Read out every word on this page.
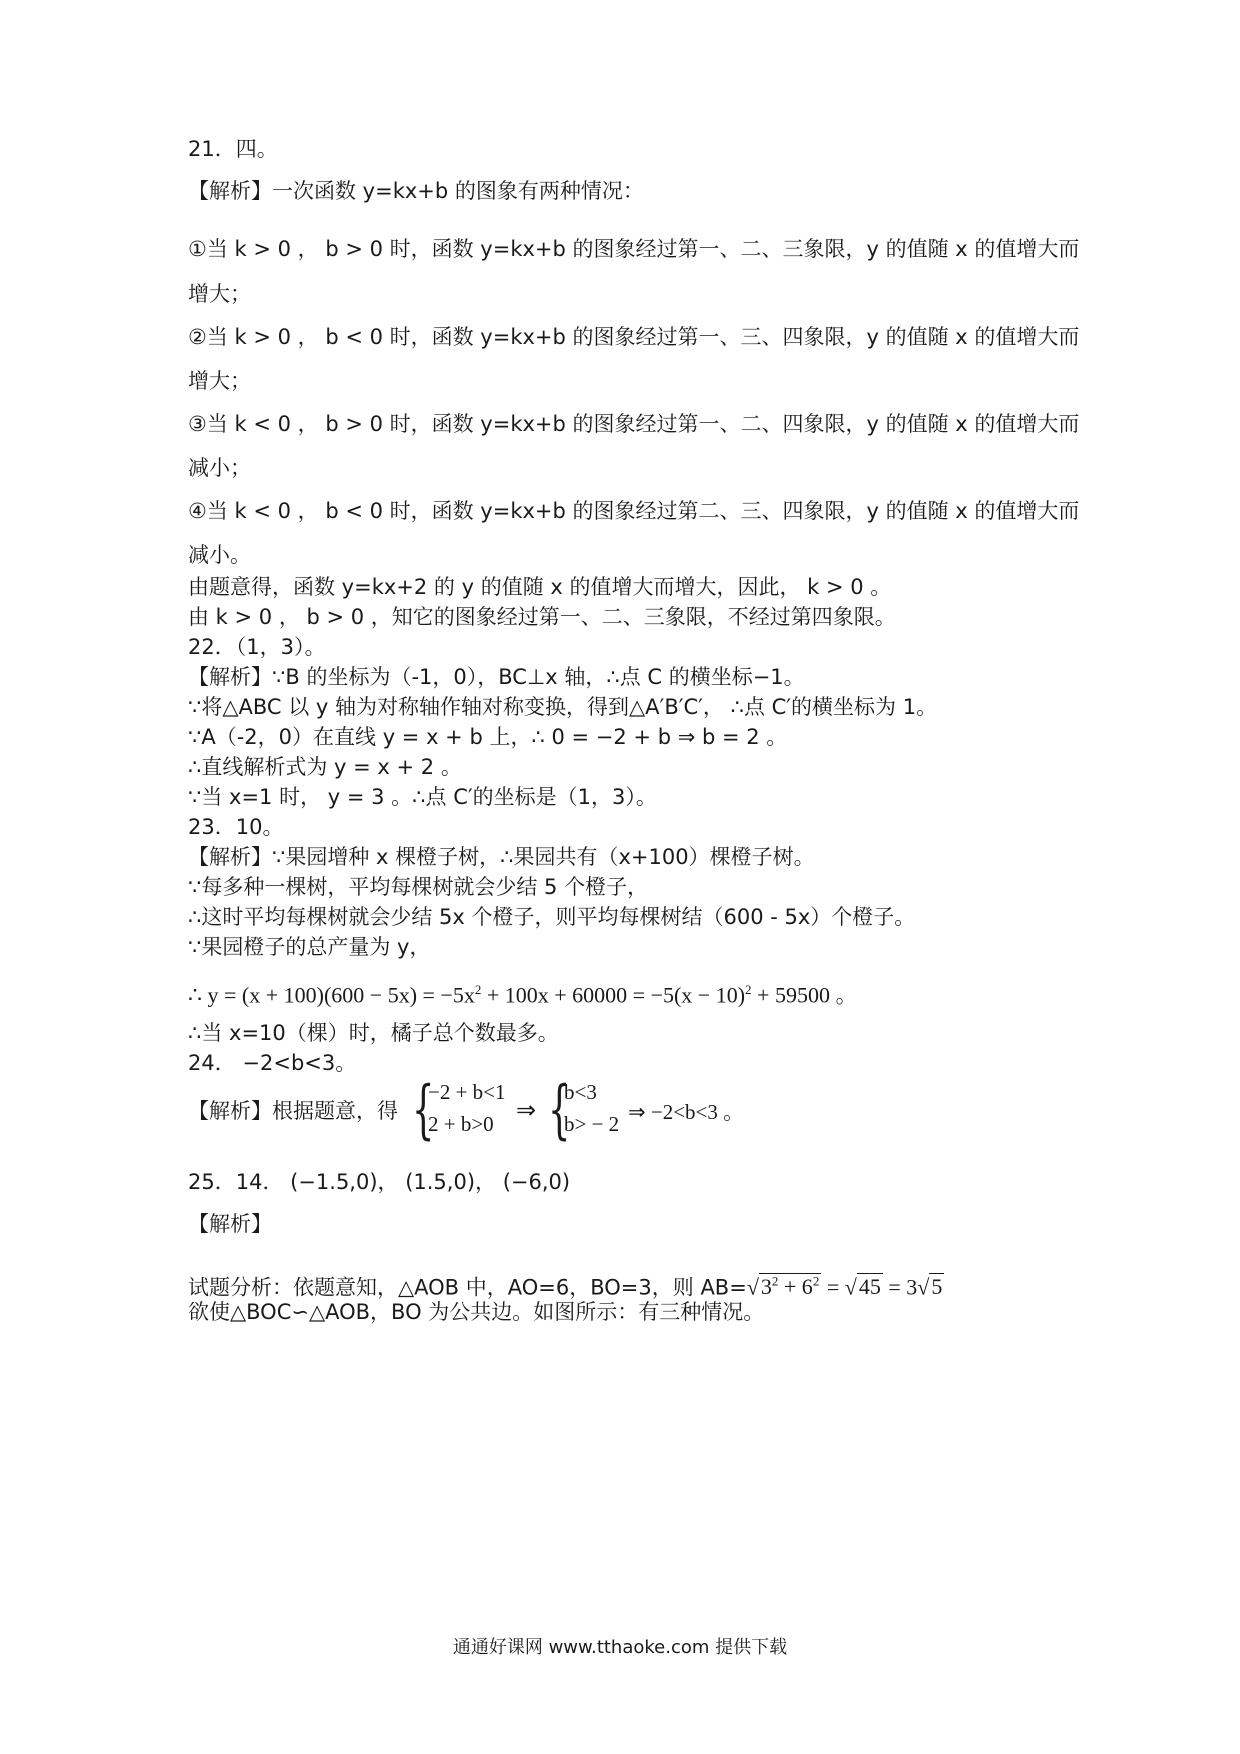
21．四。
【解析】一次函数 y=kx+b 的图象有两种情况：
①当 k > 0 ， b > 0 时，函数 y=kx+b 的图象经过第一、二、三象限，y 的值随 x 的值增大而
增大；
②当 k > 0 ， b < 0 时，函数 y=kx+b 的图象经过第一、三、四象限，y 的值随 x 的值增大而
增大；
③当 k < 0 ， b > 0 时，函数 y=kx+b 的图象经过第一、二、四象限，y 的值随 x 的值增大而
减小；
④当 k < 0 ， b < 0 时，函数 y=kx+b 的图象经过第二、三、四象限，y 的值随 x 的值增大而
减小。
由题意得，函数 y=kx+2 的 y 的值随 x 的值增大而增大，因此， k > 0 。
由 k > 0 ， b > 0 ，知它的图象经过第一、二、三象限，不经过第四象限。
22．（1，3）。
【解析】∵B 的坐标为（-1，0），BC⊥x 轴，∴点 C 的横坐标−1。
∵将△ABC 以 y 轴为对称轴作轴对称变换，得到△A′B′C′， ∴点 C′的横坐标为 1。
∵A（-2，0）在直线 y = x + b 上，∴ 0 = −2 + b ⇒ b = 2 。
∴直线解析式为 y = x + 2 。
∵当 x=1 时， y = 3 。∴点 C′的坐标是（1，3）。
23．10。
【解析】∵果园增种 x 棵橙子树，∴果园共有（x+100）棵橙子树。
∵每多种一棵树，平均每棵树就会少结 5 个橙子，
∴这时平均每棵树就会少结 5x 个橙子，则平均每棵树结（600 - 5x）个橙子。
∵果园橙子的总产量为 y，
∴ $y = (x + 100)(600 - 5x) = -5x^2 + 100x + 60000 = -5(x - 10)^2 + 59500$ 。
∴当 x=10（棵）时，橘子总个数最多。
24． −2<b<3。
【解析】根据题意，得 {
−2 + b<1
2 + b>0 ⇒ {
b<3
b> − 2 ⇒ −2<b<3 。
25．14． (−1.5,0)， (1.5,0)， (−6,0)
【解析】
试题分析：依题意知，△AOB 中，AO=6，BO=3，则 $AB=√3^2 + 6^2 = √45 = 3√5$
欲使△BOC∽△AOB，BO 为公共边。如图所示：有三种情况。
通通好课网 www.tthaoke.com 提供下载
